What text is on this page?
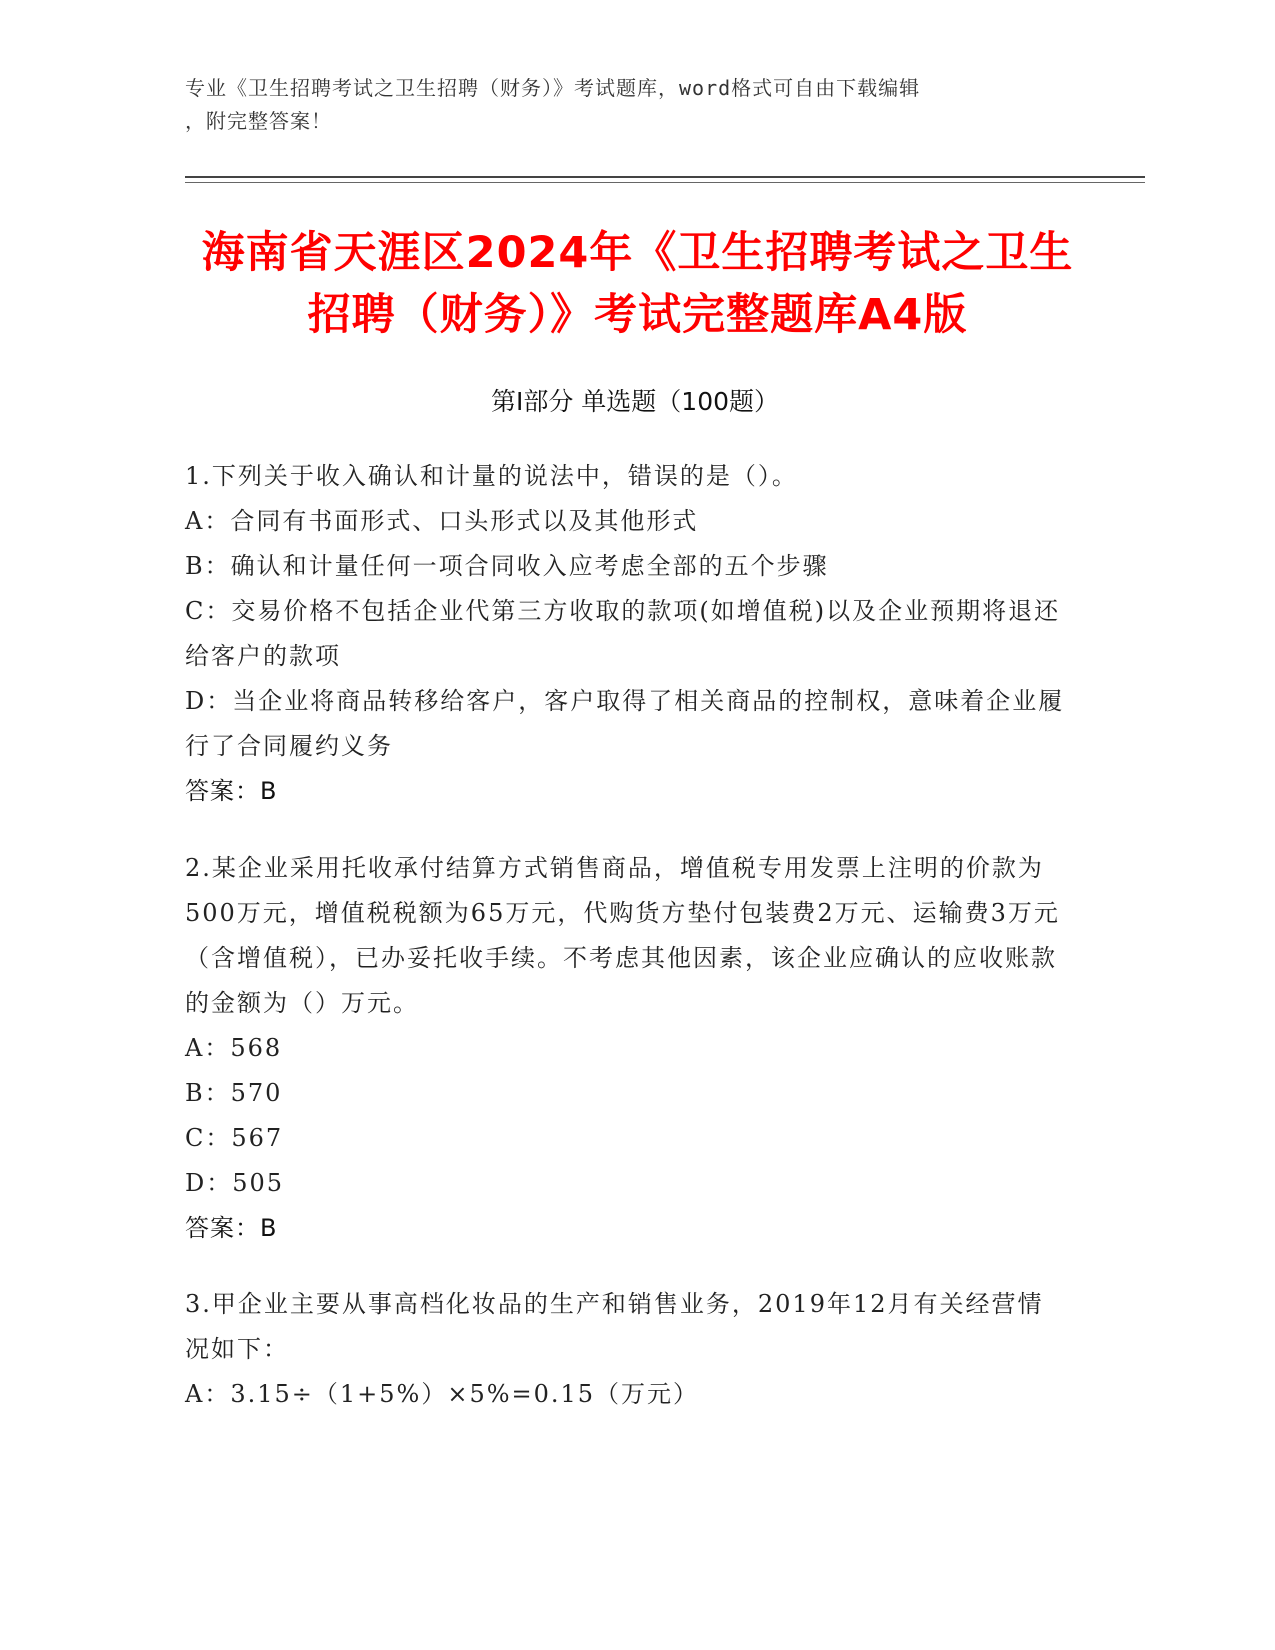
专业《卫生招聘考试之卫生招聘（财务）》考试题库，word格式可自由下载编辑
，附完整答案！
海南省天涯区2024年《卫生招聘考试之卫生
招聘（财务）》考试完整题库A4版
第I部分 单选题（100题）

1.下列关于收入确认和计量的说法中，错误的是（）。

A：合同有书面形式、口头形式以及其他形式

B：确认和计量任何一项合同收入应考虑全部的五个步骤

C：交易价格不包括企业代第三方收取的款项(如增值税)以及企业预期将退还给客户的款项

D：当企业将商品转移给客户，客户取得了相关商品的控制权，意味着企业履行了合同履约义务

答案：B

2.某企业采用托收承付结算方式销售商品，增值税专用发票上注明的价款为500万元，增值税税额为65万元，代购货方垫付包装费2万元、运输费3万元（含增值税），已办妥托收手续。不考虑其他因素，该企业应确认的应收账款的金额为（）万元。

A：568

B：570

C：567

D：505

答案：B

3.甲企业主要从事高档化妆品的生产和销售业务，2019年12月有关经营情况如下：

A：3.15÷（1+5%）×5%=0.15（万元）
